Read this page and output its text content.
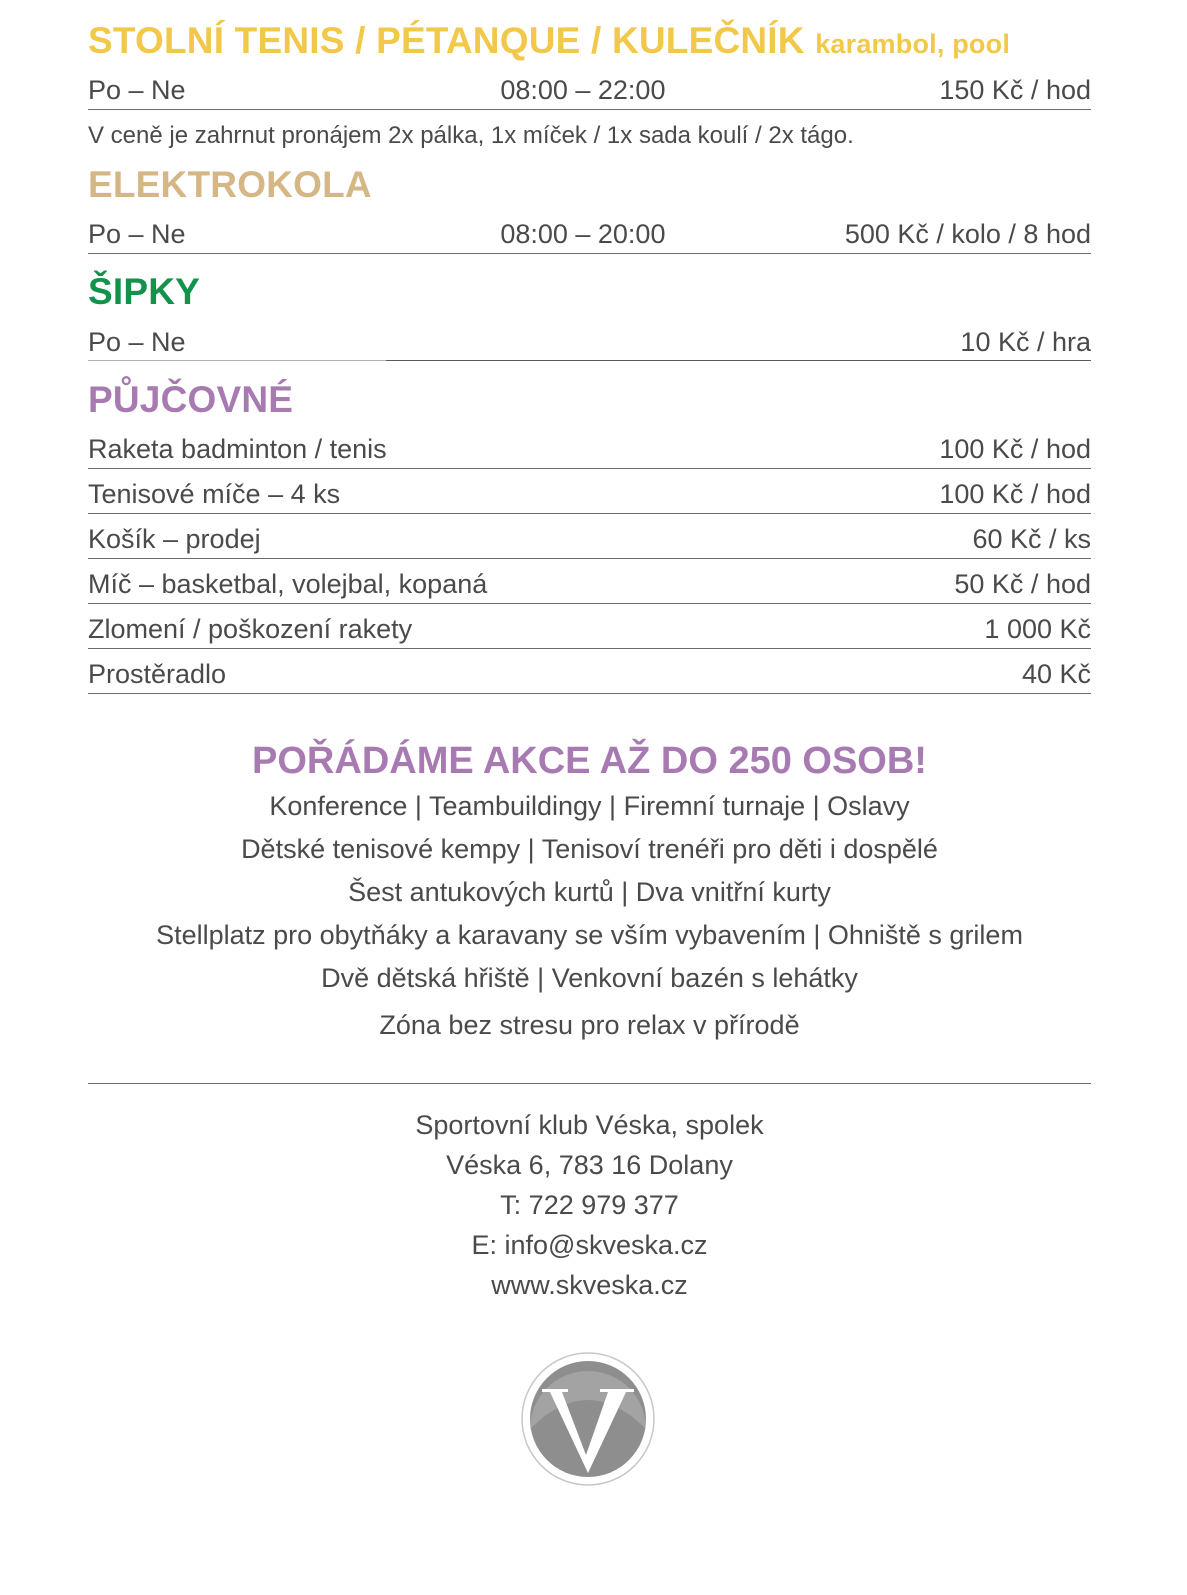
STOLNÍ TENIS / PÉTANQUE / KULEČNÍK karambol, pool
Po – Ne	08:00 – 22:00	150 Kč / hod
V ceně je zahrnut pronájem 2x pálka, 1x míček / 1x sada koulí / 2x tágo.
ELEKTROKOLA
Po – Ne	08:00 – 20:00	500 Kč / kolo / 8 hod
ŠIPKY
Po – Ne	10 Kč / hra
PŮJČOVNÉ
Raketa badminton / tenis	100 Kč / hod
Tenisové míče – 4 ks	100 Kč / hod
Košík – prodej	60 Kč / ks
Míč – basketbal, volejbal, kopaná	50 Kč / hod
Zlomení / poškození rakety	1 000 Kč
Prostěradlo	40 Kč
POŘÁDÁME AKCE AŽ DO 250 OSOB!
Konference | Teambuildingy | Firemní turnaje | Oslavy
Dětské tenisové kempy | Tenisoví trenéři pro děti i dospělé
Šest antukových kurtů | Dva vnitřní kurty
Stellplatz pro obytňáky a karavany se vším vybavením | Ohniště s grilem
Dvě dětská hřiště | Venkovní bazén s lehátky
Zóna bez stresu pro relax v přírodě
Sportovní klub Véska, spolek
Véska 6, 783 16 Dolany
T: 722 979 377
E: info@skveska.cz
www.skveska.cz
